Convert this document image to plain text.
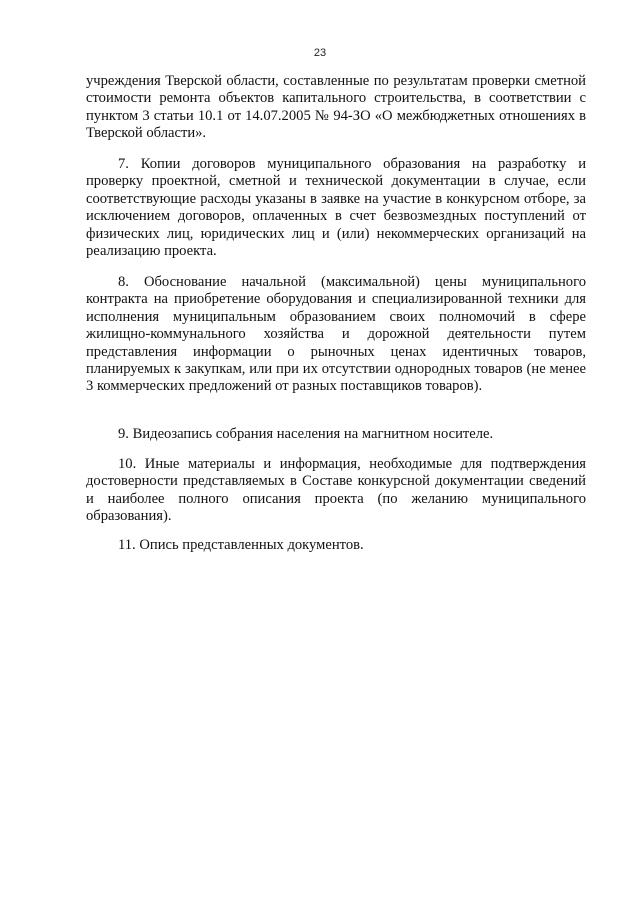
23

учреждения Тверской области, составленные по результатам проверки сметной стоимости ремонта объектов капитального строительства, в соответствии с пунктом 3 статьи 10.1 от 14.07.2005 № 94-ЗО «О межбюджетных отношениях в Тверской области».

7. Копии договоров муниципального образования на разработку и проверку проектной, сметной и технической документации в случае, если соответствующие расходы указаны в заявке на участие в конкурсном отборе, за исключением договоров, оплаченных в счет безвозмездных поступлений от физических лиц, юридических лиц и (или) некоммерческих организаций на реализацию проекта.

8. Обоснование начальной (максимальной) цены муниципального контракта на приобретение оборудования и специализированной техники для исполнения муниципальным образованием своих полномочий в сфере жилищно-коммунального хозяйства и дорожной деятельности путем представления информации о рыночных ценах идентичных товаров, планируемых к закупкам, или при их отсутствии однородных товаров (не менее 3 коммерческих предложений от разных поставщиков товаров).

9. Видеозапись собрания населения на магнитном носителе.

10. Иные материалы и информация, необходимые для подтверждения достоверности представляемых в Составе конкурсной документации сведений и наиболее полного описания проекта (по желанию муниципального образования).

11. Опись представленных документов.
